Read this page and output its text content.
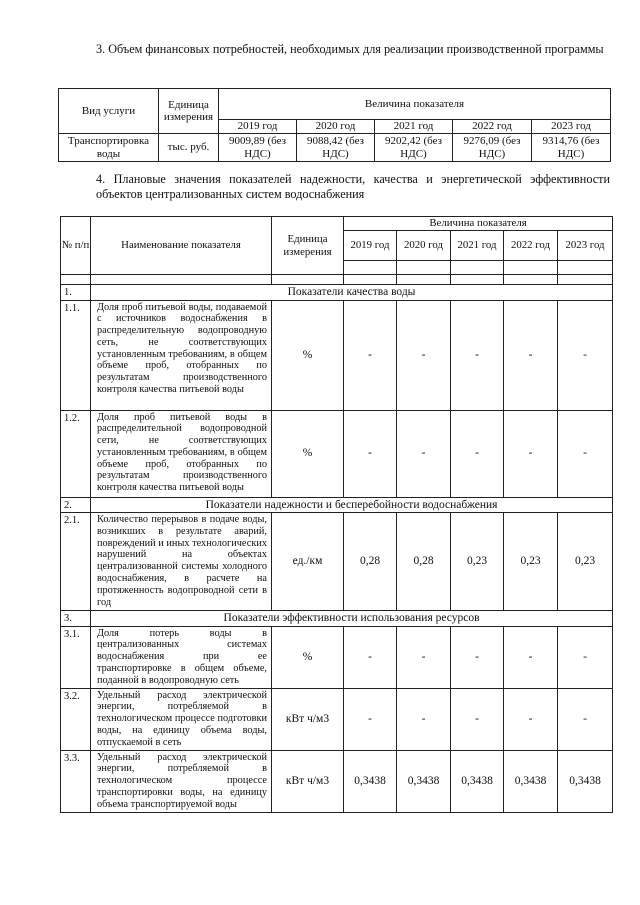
3. Объем финансовых потребностей, необходимых для реализации производственной программы
Вид услуги	Единица измерения	Величина показателя				
		2019 год	2020 год	2021 год	2022 год	2023 год
Транспортировка воды	тыс. руб.	9009,89 (без НДС)	9088,42 (без НДС)	9202,42 (без НДС)	9276,09 (без НДС)	9314,76 (без НДС)
4. Плановые значения показателей надежности, качества и энергетической эффективности объектов централизованных систем водоснабжения
№ п/п	Наименование показателя	Единица измерения	Величина показателя				
			2019 год	2020 год	2021 год	2022 год	2023 год

1.	Показатели качества воды						
1.1.	Доля проб питьевой воды, подаваемой с источников водоснабжения в распределительную водопроводную сеть, не соответствующих установленным требованиям, в общем объеме проб, отобранных по результатам производственного контроля качества питьевой воды	%	-	-	-	-	-
1.2.	Доля проб питьевой воды в распределительной водопроводной сети, не соответствующих установленным требованиям, в общем объеме проб, отобранных по результатам производственного контроля качества питьевой воды	%	-	-	-	-	-
2.	Показатели надежности и бесперебойности водоснабжения						
2.1.	Количество перерывов в подаче воды, возникших в результате аварий, повреждений и иных технологических нарушений на объектах централизованной системы холодного водоснабжения, в расчете на протяженность водопроводной сети в год	ед./км	0,28	0,28	0,23	0,23	0,23
3.	Показатели эффективности использования ресурсов						
3.1.	Доля потерь воды в централизованных системах водоснабжения при ее транспортировке в общем объеме, поданной в водопроводную сеть	%	-	-	-	-	-
3.2.	Удельный расход электрической энергии, потребляемой в технологическом процессе подготовки воды, на единицу объема воды, отпускаемой в сеть	кВт ч/м3	-	-	-	-	-
3.3.	Удельный расход электрической энергии, потребляемой в технологическом процессе транспортировки воды, на единицу объема транспортируемой воды	кВт ч/м3	0,3438	0,3438	0,3438	0,3438	0,3438
